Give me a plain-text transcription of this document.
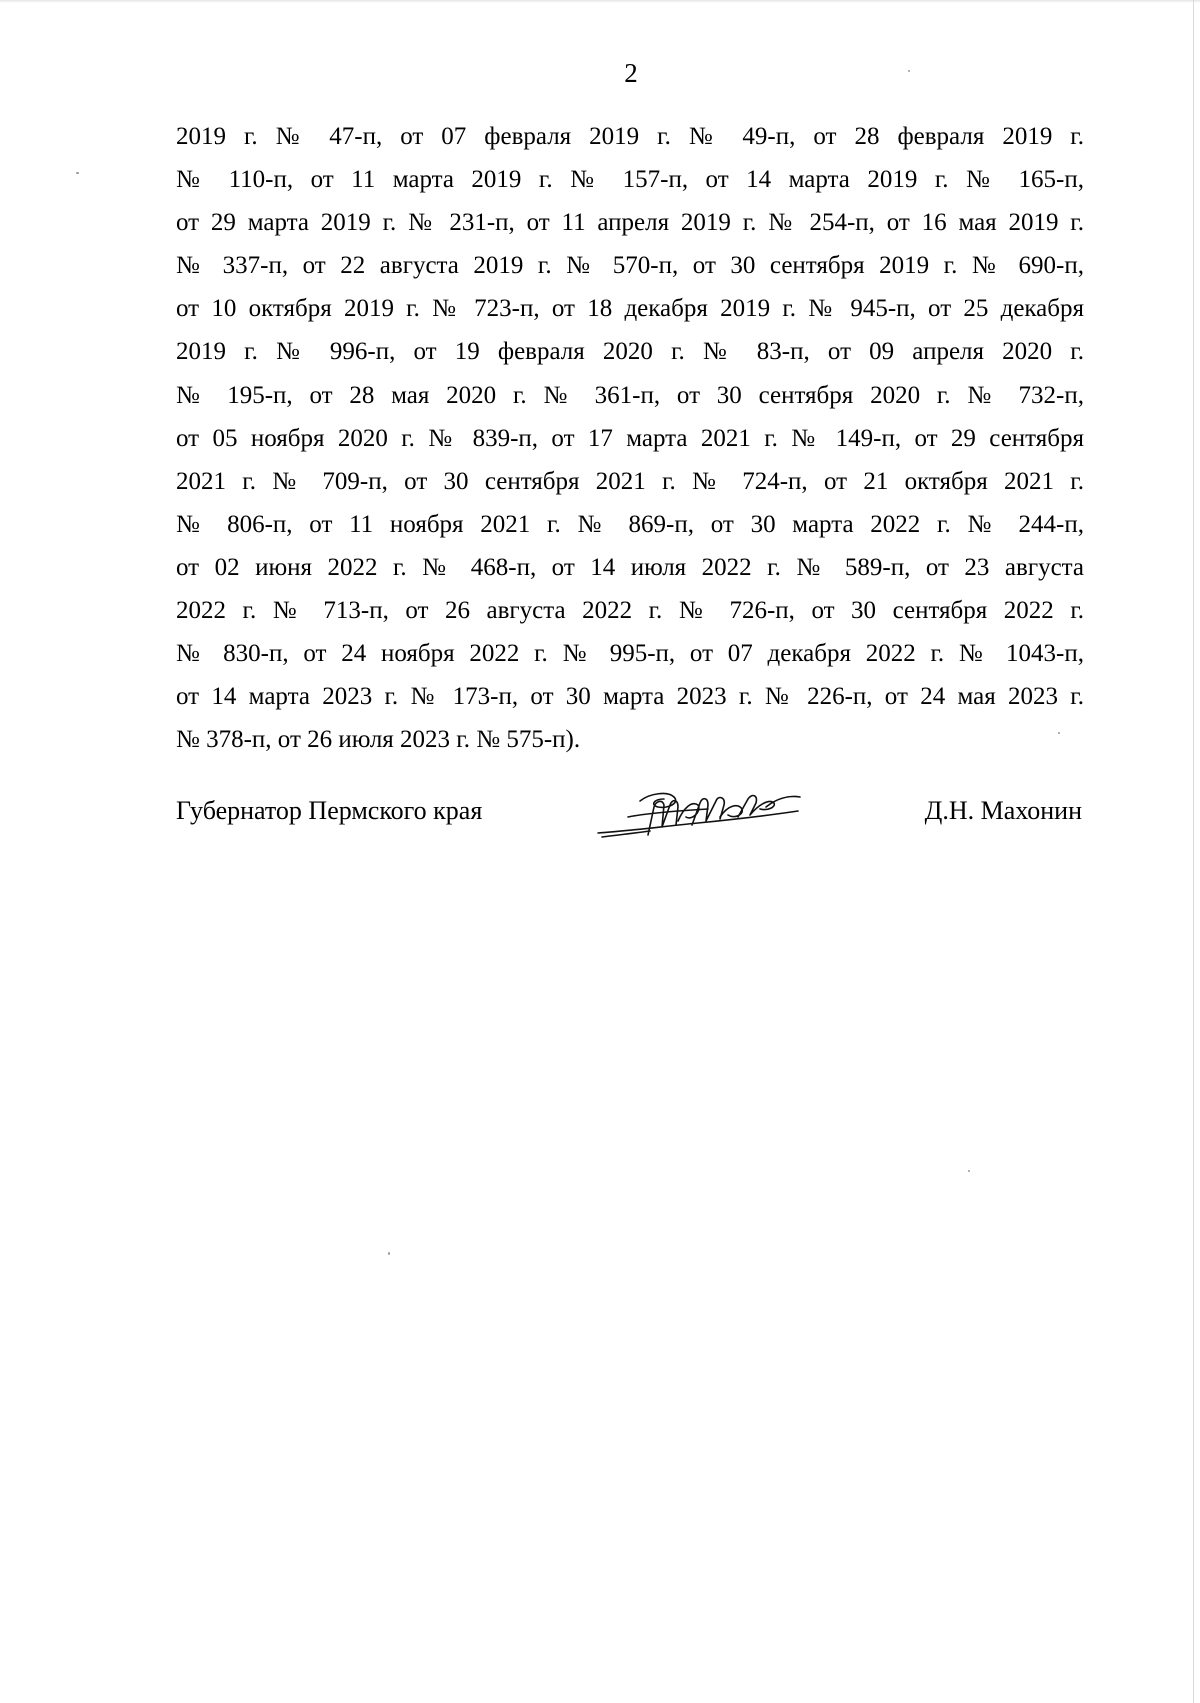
2
2019 г. № 47-п, от 07 февраля 2019 г. № 49-п, от 28 февраля 2019 г.
№ 110-п, от 11 марта 2019 г. № 157-п, от 14 марта 2019 г. № 165-п,
от 29 марта 2019 г. № 231-п, от 11 апреля 2019 г. № 254-п, от 16 мая 2019 г.
№ 337-п, от 22 августа 2019 г. № 570-п, от 30 сентября 2019 г. № 690-п,
от 10 октября 2019 г. № 723-п, от 18 декабря 2019 г. № 945-п, от 25 декабря
2019 г. № 996-п, от 19 февраля 2020 г. № 83-п, от 09 апреля 2020 г.
№ 195-п, от 28 мая 2020 г. № 361-п, от 30 сентября 2020 г. № 732-п,
от 05 ноября 2020 г. № 839-п, от 17 марта 2021 г. № 149-п, от 29 сентября
2021 г. № 709-п, от 30 сентября 2021 г. № 724-п, от 21 октября 2021 г.
№ 806-п, от 11 ноября 2021 г. № 869-п, от 30 марта 2022 г. № 244-п,
от 02 июня 2022 г. № 468-п, от 14 июля 2022 г. № 589-п, от 23 августа
2022 г. № 713-п, от 26 августа 2022 г. № 726-п, от 30 сентября 2022 г.
№ 830-п, от 24 ноября 2022 г. № 995-п, от 07 декабря 2022 г. № 1043-п,
от 14 марта 2023 г. № 173-п, от 30 марта 2023 г. № 226-п, от 24 мая 2023 г.
№ 378-п, от 26 июля 2023 г. № 575-п).
Губернатор Пермского края	Д.Н. Махонин
